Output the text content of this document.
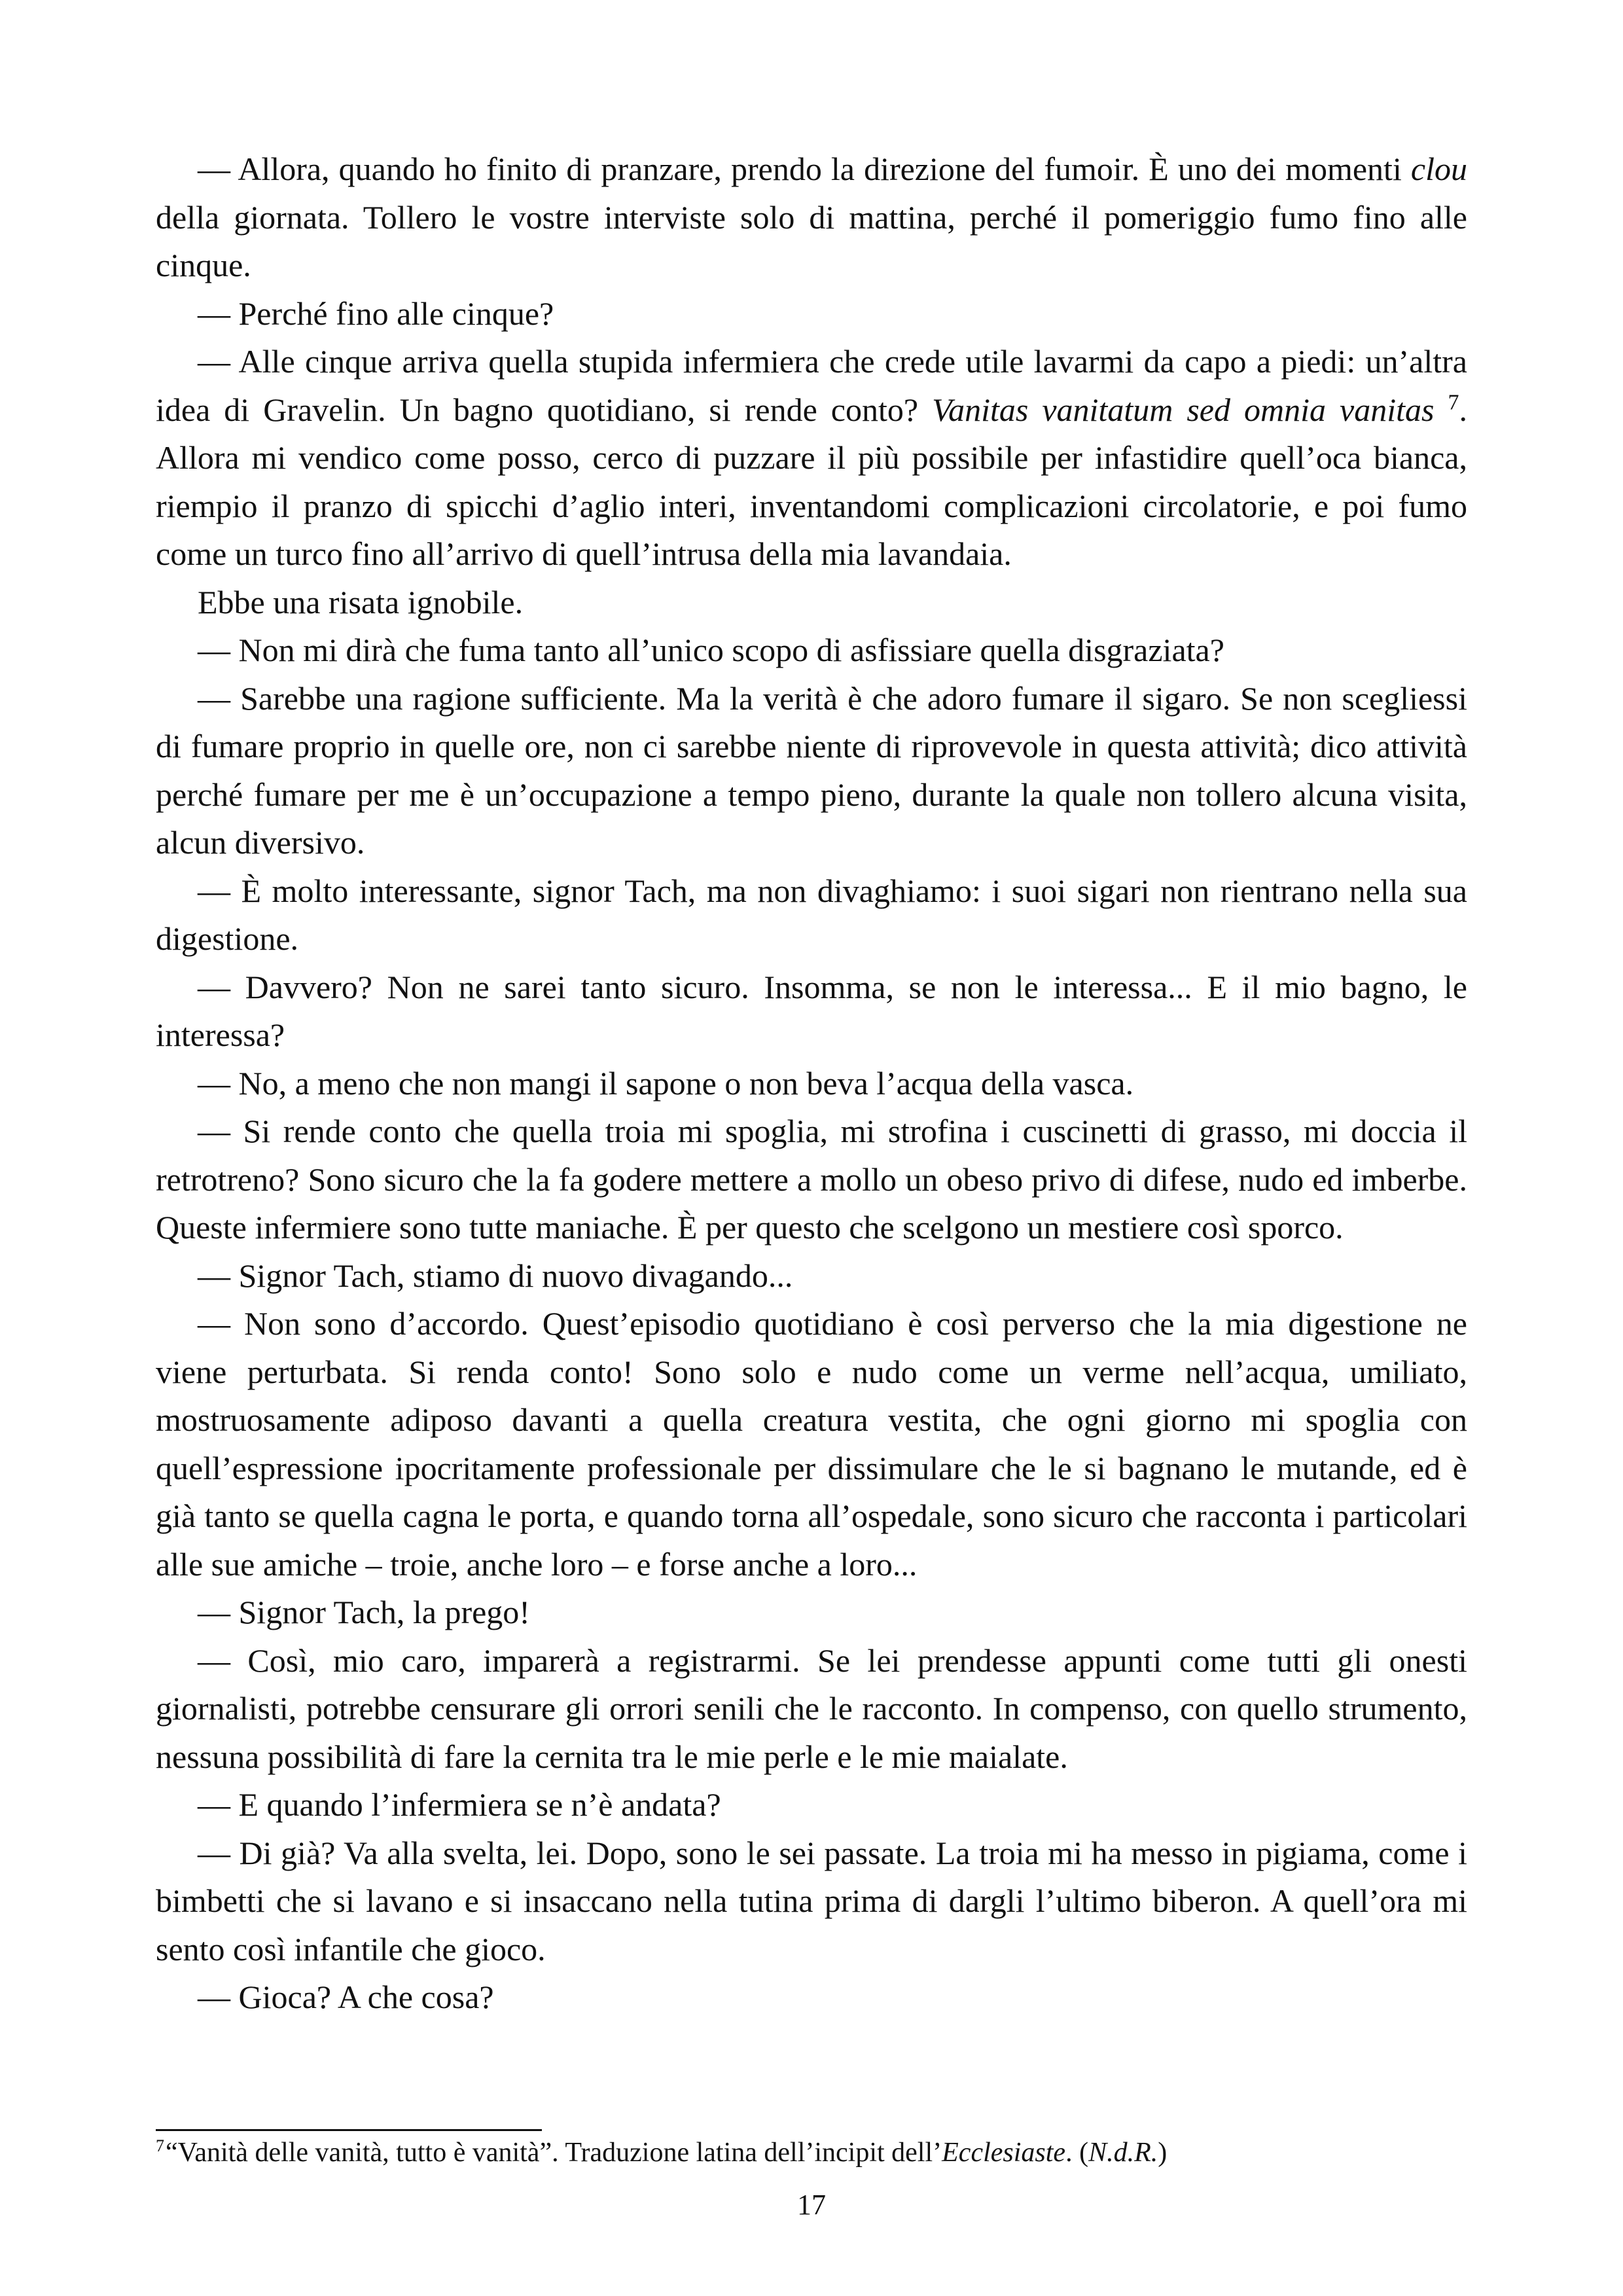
— Allora, quando ho finito di pranzare, prendo la direzione del fumoir. È uno dei momenti clou della giornata. Tollero le vostre interviste solo di mattina, perché il pomeriggio fumo fino alle cinque.

— Perché fino alle cinque?

— Alle cinque arriva quella stupida infermiera che crede utile lavarmi da capo a piedi: un’altra idea di Gravelin. Un bagno quotidiano, si rende conto? Vanitas vanitatum sed omnia vanitas $^7$. Allora mi vendico come posso, cerco di puzzare il più possibile per infastidire quell’oca bianca, riempio il pranzo di spicchi d’aglio interi, inventandomi complicazioni circolatorie, e poi fumo come un turco fino all’arrivo di quell’intrusa della mia lavandaia.

Ebbe una risata ignobile.

— Non mi dirà che fuma tanto all’unico scopo di asfissiare quella disgraziata?

— Sarebbe una ragione sufficiente. Ma la verità è che adoro fumare il sigaro. Se non scegliessi di fumare proprio in quelle ore, non ci sarebbe niente di riprovevole in questa attività; dico attività perché fumare per me è un’occupazione a tempo pieno, durante la quale non tollero alcuna visita, alcun diversivo.

— È molto interessante, signor Tach, ma non divaghiamo: i suoi sigari non rientrano nella sua digestione.

— Davvero? Non ne sarei tanto sicuro. Insomma, se non le interessa... E il mio bagno, le interessa?

— No, a meno che non mangi il sapone o non beva l’acqua della vasca.

— Si rende conto che quella troia mi spoglia, mi strofina i cuscinetti di grasso, mi doccia il retrotreno? Sono sicuro che la fa godere mettere a mollo un obeso privo di difese, nudo ed imberbe. Queste infermiere sono tutte maniache. È per questo che scelgono un mestiere così sporco.

— Signor Tach, stiamo di nuovo divagando...

— Non sono d’accordo. Quest’episodio quotidiano è così perverso che la mia digestione ne viene perturbata. Si renda conto! Sono solo e nudo come un verme nell’acqua, umiliato, mostruosamente adiposo davanti a quella creatura vestita, che ogni giorno mi spoglia con quell’espressione ipocritamente professionale per dissimulare che le si bagnano le mutande, ed è già tanto se quella cagna le porta, e quando torna all’ospedale, sono sicuro che racconta i particolari alle sue amiche – troie, anche loro – e forse anche a loro...

— Signor Tach, la prego!

— Così, mio caro, imparerà a registrarmi. Se lei prendesse appunti come tutti gli onesti giornalisti, potrebbe censurare gli orrori senili che le racconto. In compenso, con quello strumento, nessuna possibilità di fare la cernita tra le mie perle e le mie maialate.

— E quando l’infermiera se n’è andata?

— Di già? Va alla svelta, lei. Dopo, sono le sei passate. La troia mi ha messo in pigiama, come i bimbetti che si lavano e si insaccano nella tutina prima di dargli l’ultimo biberon. A quell’ora mi sento così infantile che gioco.

— Gioca? A che cosa?

$^7$“Vanità delle vanità, tutto è vanità”. Traduzione latina dell’incipit dell’Ecclesiaste. (N.d.R.)
17
